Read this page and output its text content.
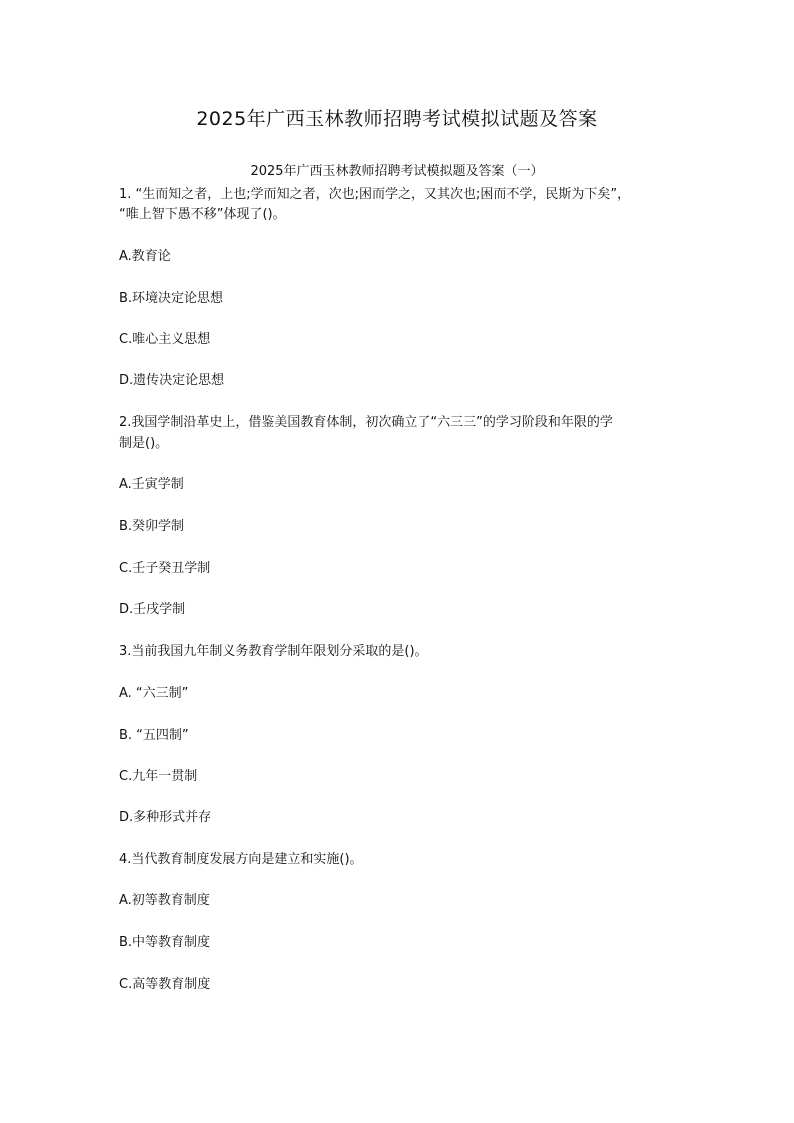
2025年广西玉林教师招聘考试模拟试题及答案
2025年广西玉林教师招聘考试模拟题及答案（一）
1. “生而知之者，上也;学而知之者，次也;困而学之，又其次也;困而不学，民斯为下矣”，
“唯上智下愚不移”体现了()。
A.教育论
B.环境决定论思想
C.唯心主义思想
D.遗传决定论思想
2.我国学制沿革史上，借鉴美国教育体制，初次确立了“六三三”的学习阶段和年限的学
制是()。
A.壬寅学制
B.癸卯学制
C.壬子癸丑学制
D.壬戌学制
3.当前我国九年制义务教育学制年限划分采取的是()。
A. “六三制”
B. “五四制”
C.九年一贯制
D.多种形式并存
4.当代教育制度发展方向是建立和实施()。
A.初等教育制度
B.中等教育制度
C.高等教育制度
